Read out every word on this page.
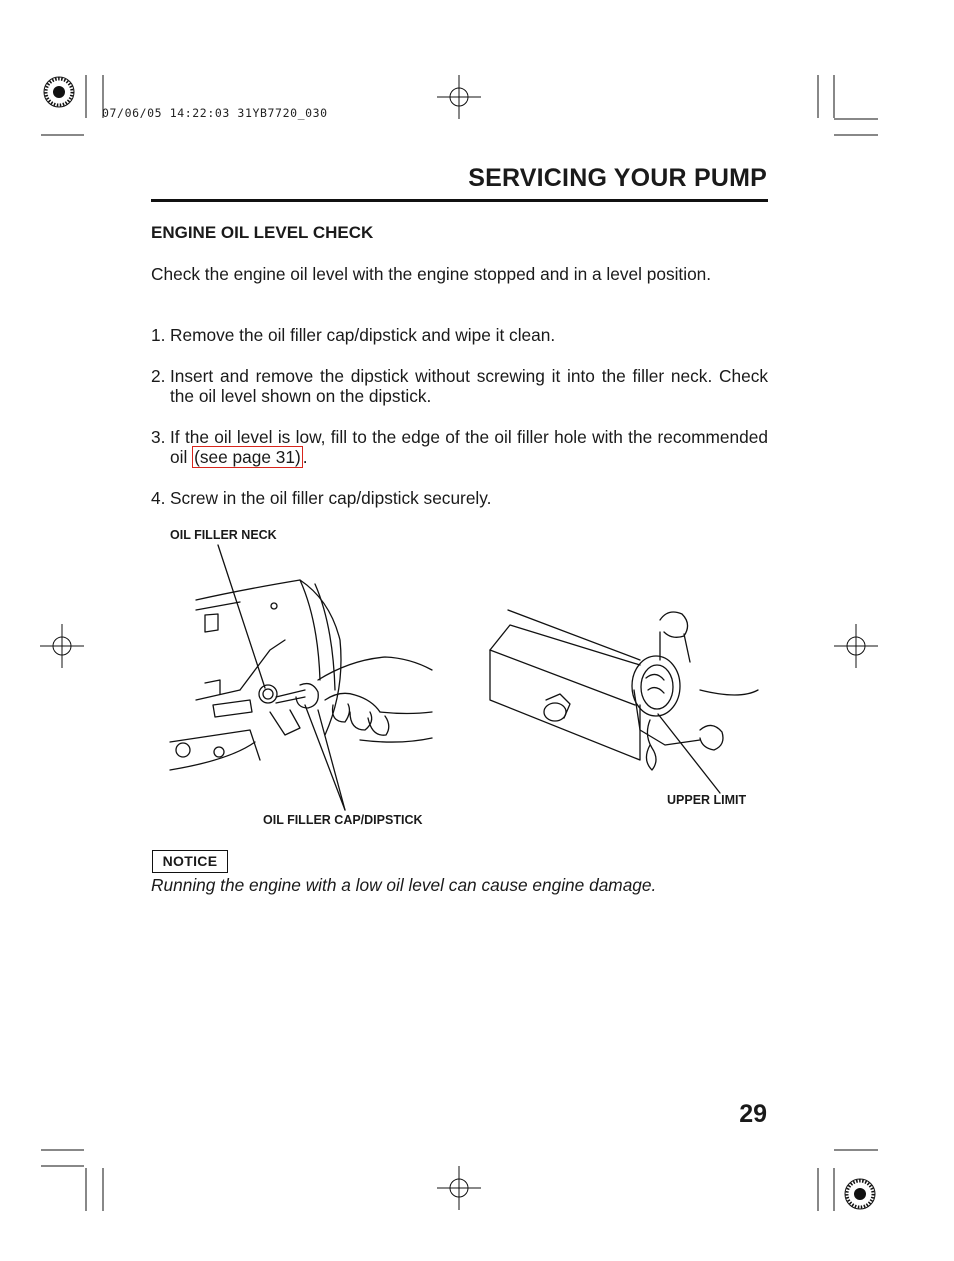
07/06/05 14:22:03 31YB7720_030
SERVICING YOUR PUMP
ENGINE OIL LEVEL CHECK
Check the engine oil level with the engine stopped and in a level position.
1. Remove the oil filler cap/dipstick and wipe it clean.
2. Insert and remove the dipstick without screwing it into the filler neck. Check the oil level shown on the dipstick.
3. If the oil level is low, fill to the edge of the oil filler hole with the recommended oil (see page 31) .
4. Screw in the oil filler cap/dipstick securely.
OIL FILLER NECK
OIL FILLER CAP/DIPSTICK
UPPER LIMIT
NOTICE
Running the engine with a low oil level can cause engine damage.
29
